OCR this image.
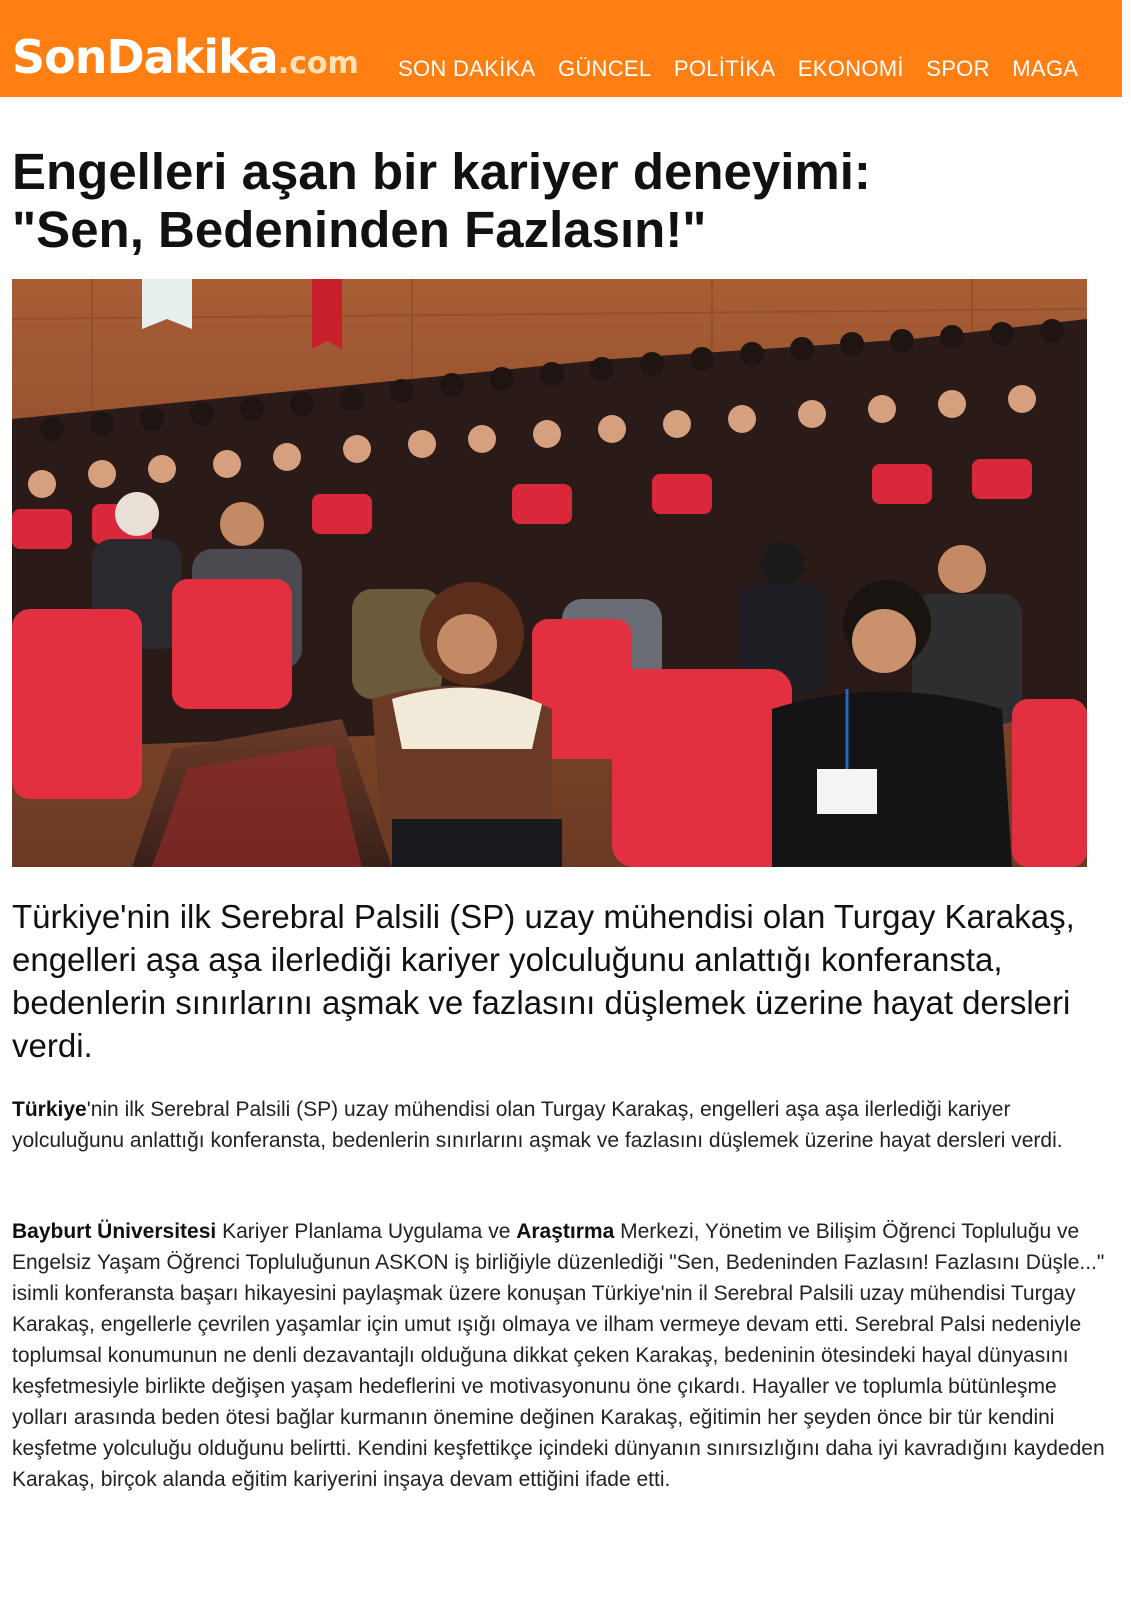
SonDakika.com SON DAKİKA GÜNCEL POLİTİKA EKONOMİ SPOR MAGA
Engelleri aşan bir kariyer deneyimi:
"Sen, Bedeninden Fazlasın!"

Türkiye'nin ilk Serebral Palsili (SP) uzay mühendisi olan Turgay Karakaş, engelleri aşa aşa ilerlediği kariyer yolculuğunu anlattığı konferansta, bedenlerin sınırlarını aşmak ve fazlasını düşlemek üzerine hayat dersleri verdi.

Türkiye'nin ilk Serebral Palsili (SP) uzay mühendisi olan Turgay Karakaş, engelleri aşa aşa ilerlediği kariyer yolculuğunu anlattığı konferansta, bedenlerin sınırlarını aşmak ve fazlasını düşlemek üzerine hayat dersleri verdi.

Bayburt Üniversitesi Kariyer Planlama Uygulama ve Araştırma Merkezi, Yönetim ve Bilişim Öğrenci Topluluğu ve Engelsiz Yaşam Öğrenci Topluluğunun ASKON iş birliğiyle düzenlediği "Sen, Bedeninden Fazlasın! Fazlasını Düşle..." isimli konferansta başarı hikayesini paylaşmak üzere konuşan Türkiye'nin il Serebral Palsili uzay mühendisi Turgay Karakaş, engellerle çevrilen yaşamlar için umut ışığı olmaya ve ilham vermeye devam etti. Serebral Palsi nedeniyle toplumsal konumunun ne denli dezavantajlı olduğuna dikkat çeken Karakaş, bedeninin ötesindeki hayal dünyasını keşfetmesiyle birlikte değişen yaşam hedeflerini ve motivasyonunu öne çıkardı. Hayaller ve toplumla bütünleşme yolları arasında beden ötesi bağlar kurmanın önemine değinen Karakaş, eğitimin her şeyden önce bir tür kendini keşfetme yolculuğu olduğunu belirtti. Kendini keşfettikçe içindeki dünyanın sınırsızlığını daha iyi kavradığını kaydeden Karakaş, birçok alanda eğitim kariyerini inşaya devam ettiğini ifade etti.
